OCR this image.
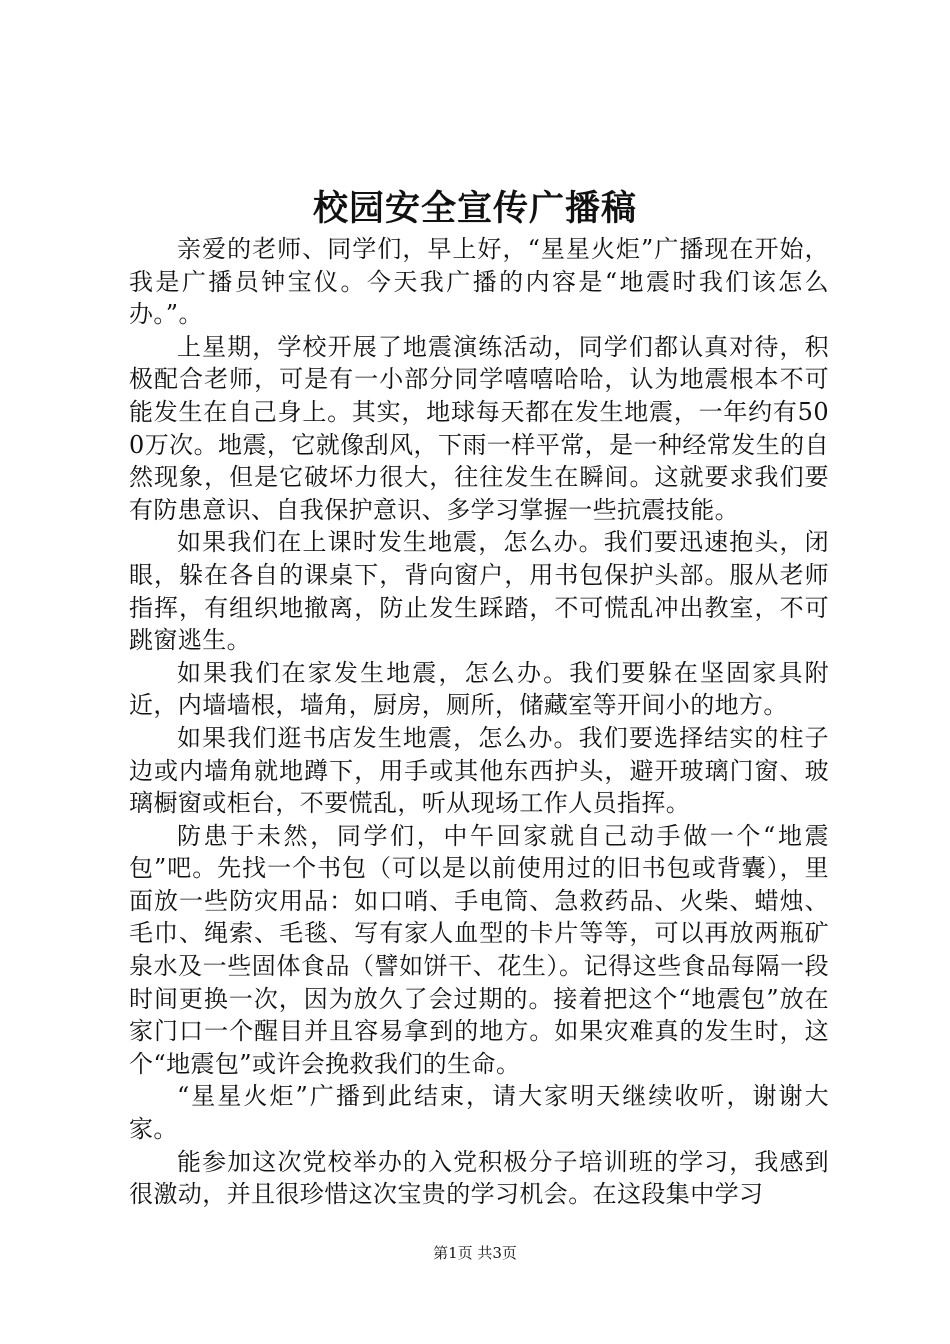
校园安全宣传广播稿

亲爱的老师、同学们，早上好，“星星火炬”广播现在开始，我是广播员钟宝仪。今天我广播的内容是“地震时我们该怎么办。”。

上星期，学校开展了地震演练活动，同学们都认真对待，积极配合老师，可是有一小部分同学嘻嘻哈哈，认为地震根本不可能发生在自己身上。其实，地球每天都在发生地震，一年约有500万次。地震，它就像刮风，下雨一样平常，是一种经常发生的自然现象，但是它破坏力很大，往往发生在瞬间。这就要求我们要有防患意识、自我保护意识、多学习掌握一些抗震技能。

如果我们在上课时发生地震，怎么办。我们要迅速抱头，闭眼，躲在各自的课桌下，背向窗户，用书包保护头部。服从老师指挥，有组织地撤离，防止发生踩踏，不可慌乱冲出教室，不可跳窗逃生。

如果我们在家发生地震，怎么办。我们要躲在坚固家具附近，内墙墙根，墙角，厨房，厕所，储藏室等开间小的地方。

如果我们逛书店发生地震，怎么办。我们要选择结实的柱子边或内墙角就地蹲下，用手或其他东西护头，避开玻璃门窗、玻璃橱窗或柜台，不要慌乱，听从现场工作人员指挥。

防患于未然，同学们，中午回家就自己动手做一个“地震包”吧。先找一个书包（可以是以前使用过的旧书包或背囊），里面放一些防灾用品：如口哨、手电筒、急救药品、火柴、蜡烛、毛巾、绳索、毛毯、写有家人血型的卡片等等，可以再放两瓶矿泉水及一些固体食品（譬如饼干、花生）。记得这些食品每隔一段时间更换一次，因为放久了会过期的。接着把这个“地震包”放在家门口一个醒目并且容易拿到的地方。如果灾难真的发生时，这个“地震包”或许会挽救我们的生命。

“星星火炬”广播到此结束，请大家明天继续收听，谢谢大家。

能参加这次党校举办的入党积极分子培训班的学习，我感到很激动，并且很珍惜这次宝贵的学习机会。在这段集中学习

第1页 共3页
